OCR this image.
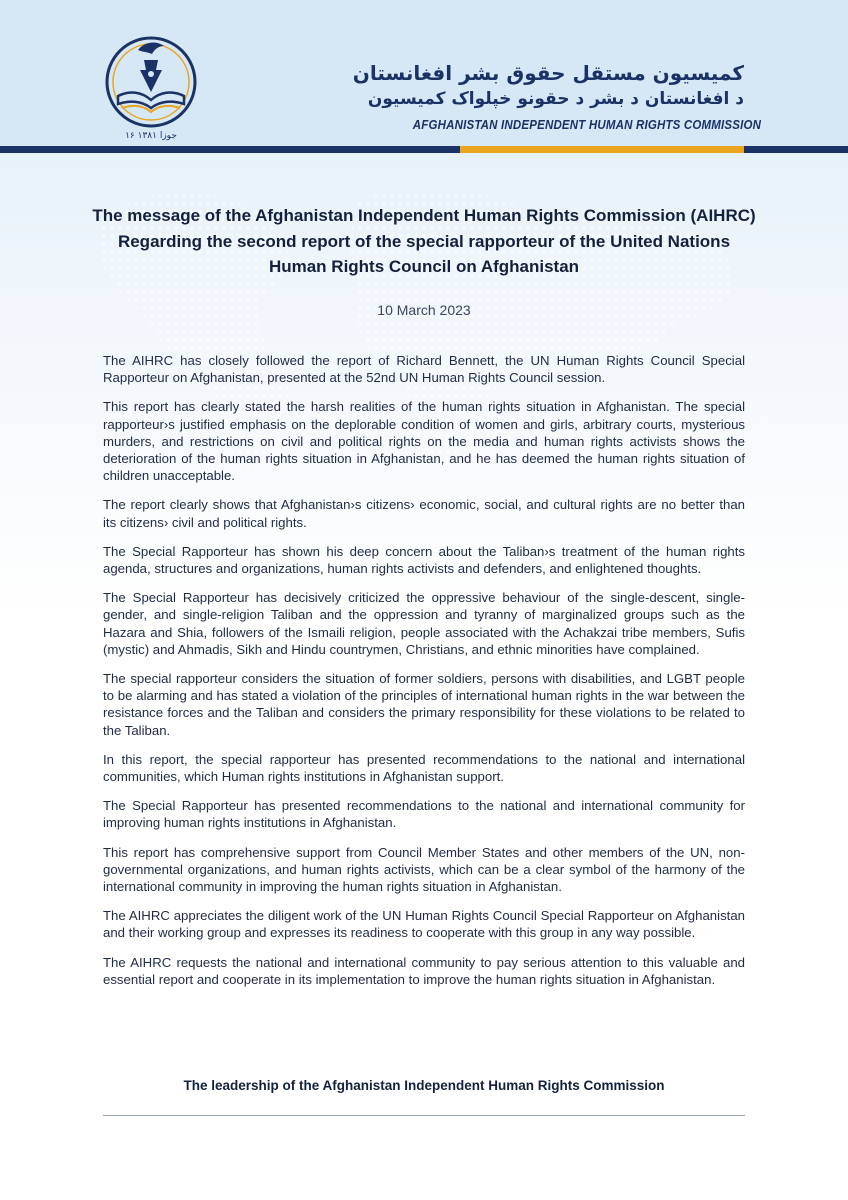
۱۶ جوزا ۱۳۸۱
کمیسیون مستقل حقوق بشر افغانستان
د افغانستان د بشر د حقونو خپلواک کمیسیون
AFGHANISTAN INDEPENDENT HUMAN RIGHTS COMMISSION
The message of the Afghanistan Independent Human Rights Commission (AIHRC)
Regarding the second report of the special rapporteur of the United Nations
Human Rights Council on Afghanistan
10 March 2023

The AIHRC has closely followed the report of Richard Bennett, the UN Human Rights Council Special Rapporteur on Afghanistan, presented at the 52nd UN Human Rights Council session.

This report has clearly stated the harsh realities of the human rights situation in Afghanistan. The special rapporteur›s justified emphasis on the deplorable condition of women and girls, arbitrary courts, mysterious murders, and restrictions on civil and political rights on the media and human rights activists shows the deterioration of the human rights situation in Afghanistan, and he has deemed the human rights situation of children unacceptable.

The report clearly shows that Afghanistan›s citizens› economic, social, and cultural rights are no better than its citizens› civil and political rights.

The Special Rapporteur has shown his deep concern about the Taliban›s treatment of the human rights agenda, structures and organizations, human rights activists and defenders, and enlightened thoughts.

The Special Rapporteur has decisively criticized the oppressive behaviour of the single-descent, single-gender, and single-religion Taliban and the oppression and tyranny of marginalized groups such as the Hazara and Shia, followers of the Ismaili religion, people associated with the Achakzai tribe members, Sufis (mystic) and Ahmadis, Sikh and Hindu countrymen, Christians, and ethnic minorities have complained.

The special rapporteur considers the situation of former soldiers, persons with disabilities, and LGBT people to be alarming and has stated a violation of the principles of international human rights in the war between the resistance forces and the Taliban and considers the primary responsibility for these violations to be related to the Taliban.

In this report, the special rapporteur has presented recommendations to the national and international communities, which Human rights institutions in Afghanistan support.

The Special Rapporteur has presented recommendations to the national and international community for improving human rights institutions in Afghanistan.

This report has comprehensive support from Council Member States and other members of the UN, non-governmental organizations, and human rights activists, which can be a clear symbol of the harmony of the international community in improving the human rights situation in Afghanistan.

The AIHRC appreciates the diligent work of the UN Human Rights Council Special Rapporteur on Afghanistan and their working group and expresses its readiness to cooperate with this group in any way possible.

The AIHRC requests the national and international community to pay serious attention to this valuable and essential report and cooperate in its implementation to improve the human rights situation in Afghanistan.

The leadership of the Afghanistan Independent Human Rights Commission
